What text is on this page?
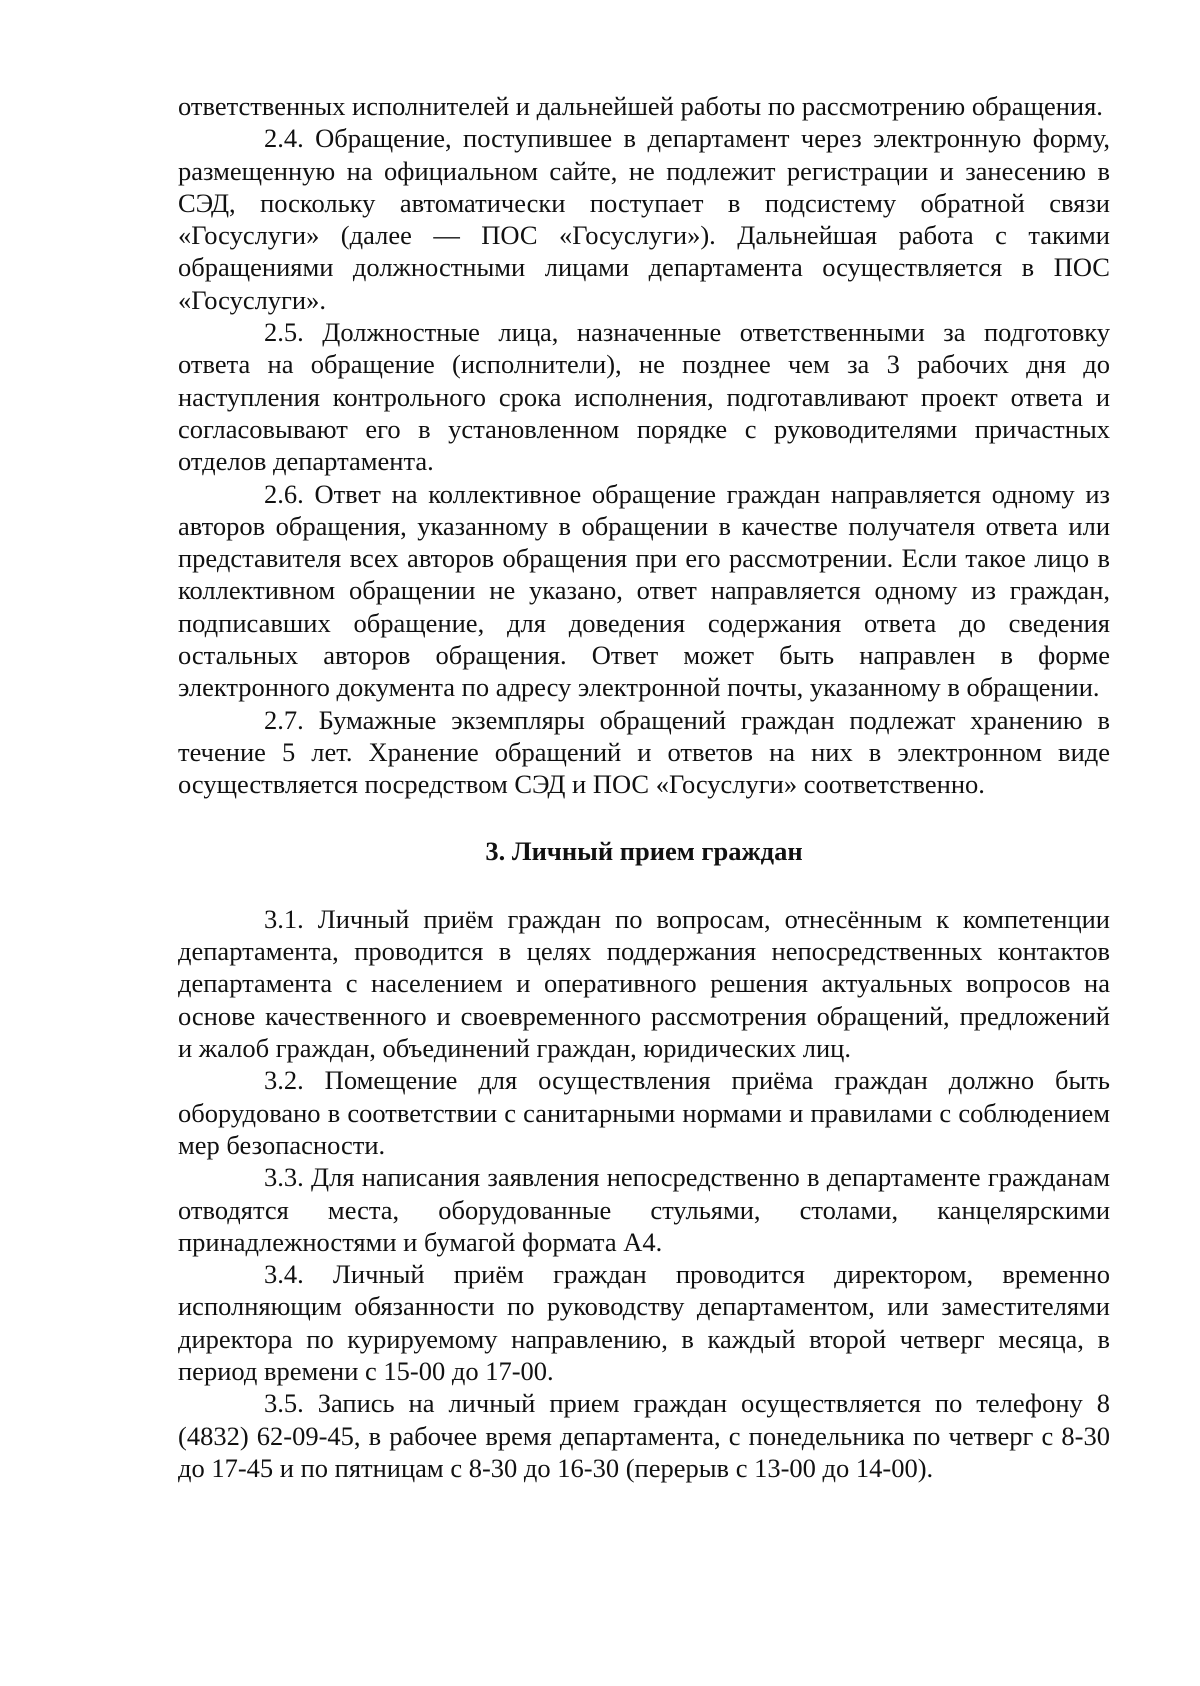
ответственных исполнителей и дальнейшей работы по рассмотрению обращения.

2.4. Обращение, поступившее в департамент через электронную форму, размещенную на официальном сайте, не подлежит регистрации и занесению в СЭД, поскольку автоматически поступает в подсистему обратной связи «Госуслуги» (далее — ПОС «Госуслуги»). Дальнейшая работа с такими обращениями должностными лицами департамента осуществляется в ПОС «Госуслуги».

2.5. Должностные лица, назначенные ответственными за подготовку ответа на обращение (исполнители), не позднее чем за 3 рабочих дня до наступления контрольного срока исполнения, подготавливают проект ответа и согласовывают его в установленном порядке с руководителями причастных отделов департамента.

2.6. Ответ на коллективное обращение граждан направляется одному из авторов обращения, указанному в обращении в качестве получателя ответа или представителя всех авторов обращения при его рассмотрении. Если такое лицо в коллективном обращении не указано, ответ направляется одному из граждан, подписавших обращение, для доведения содержания ответа до сведения остальных авторов обращения. Ответ может быть направлен в форме электронного документа по адресу электронной почты, указанному в обращении.

2.7. Бумажные экземпляры обращений граждан подлежат хранению в течение 5 лет. Хранение обращений и ответов на них в электронном виде осуществляется посредством СЭД и ПОС «Госуслуги» соответственно.

3. Личный прием граждан

3.1. Личный приём граждан по вопросам, отнесённым к компетенции департамента, проводится в целях поддержания непосредственных контактов департамента с населением и оперативного решения актуальных вопросов на основе качественного и своевременного рассмотрения обращений, предложений и жалоб граждан, объединений граждан, юридических лиц.

3.2. Помещение для осуществления приёма граждан должно быть оборудовано в соответствии с санитарными нормами и правилами с соблюдением мер безопасности.

3.3. Для написания заявления непосредственно в департаменте гражданам отводятся места, оборудованные стульями, столами, канцелярскими принадлежностями и бумагой формата А4.

3.4. Личный приём граждан проводится директором, временно исполняющим обязанности по руководству департаментом, или заместителями директора по курируемому направлению, в каждый второй четверг месяца, в период времени с 15-00 до 17-00.

3.5. Запись на личный прием граждан осуществляется по телефону 8 (4832) 62-09-45, в рабочее время департамента, с понедельника по четверг с 8-30 до 17-45 и по пятницам с 8-30 до 16-30 (перерыв с 13-00 до 14-00).
